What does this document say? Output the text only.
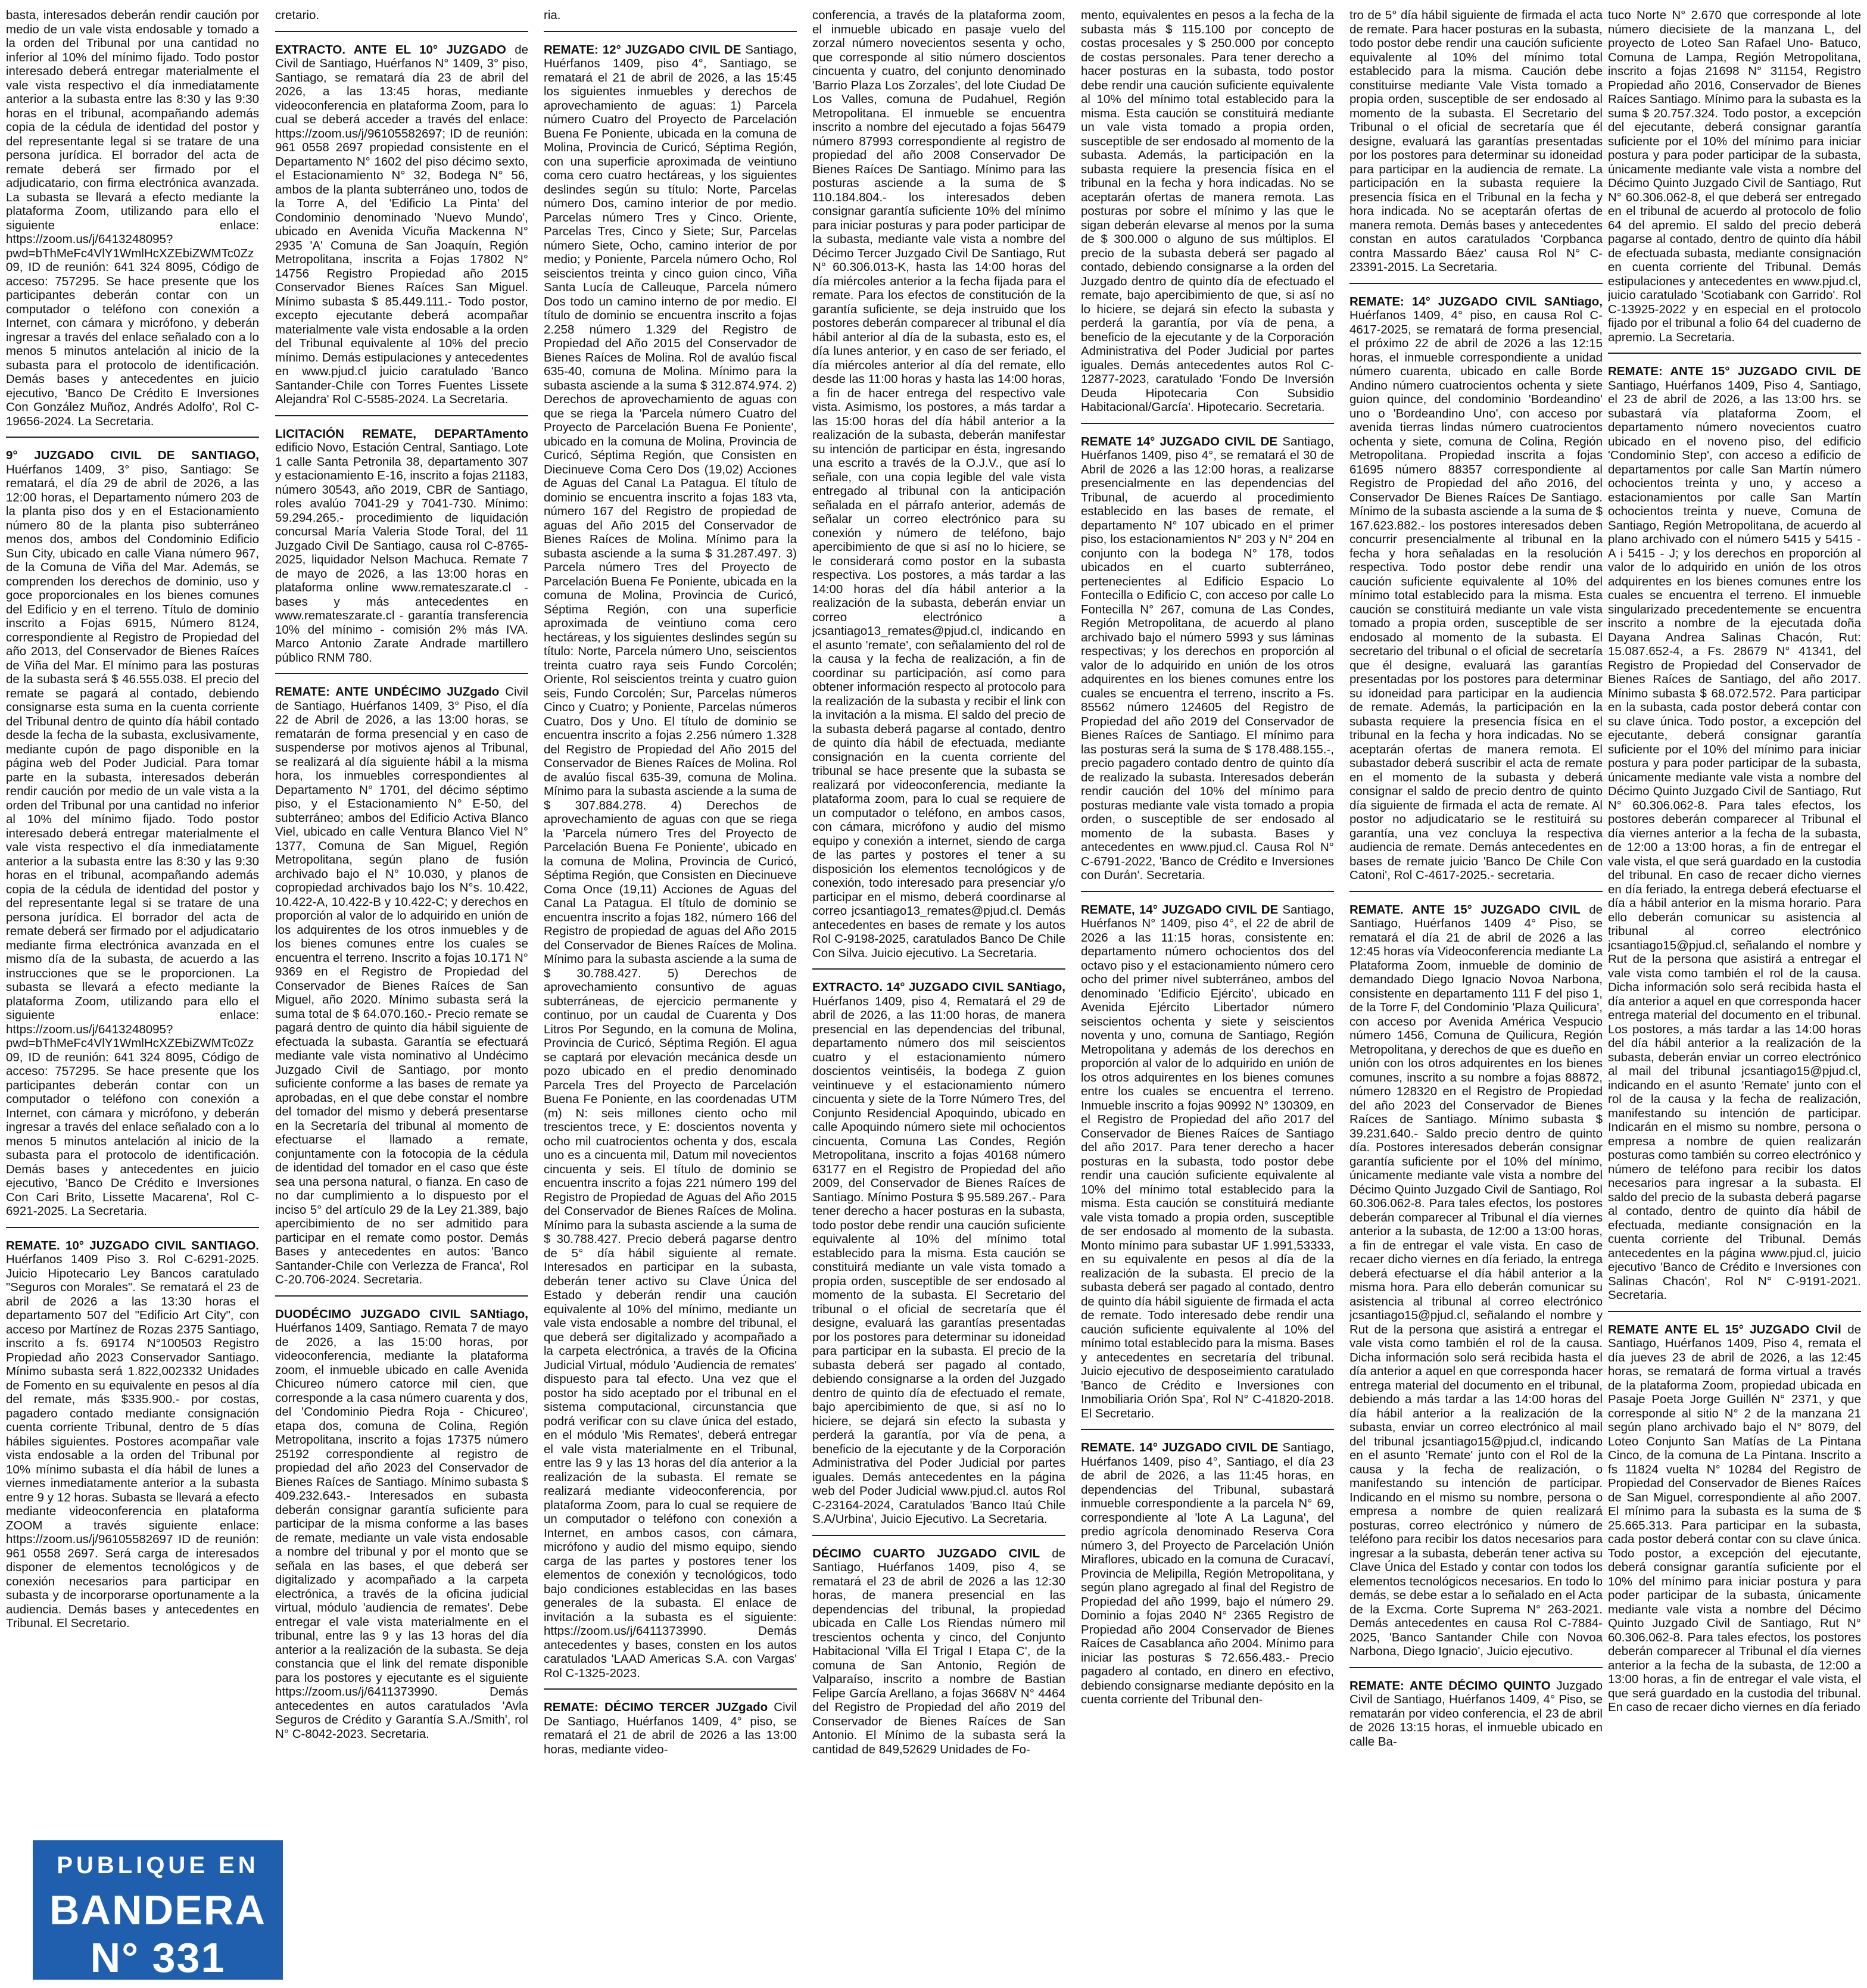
basta, interesados deberán rendir caución por medio de un vale vista endosable y tomado a la orden del Tribunal por una cantidad no inferior al 10% del mínimo fijado. Todo postor interesado deberá entregar materialmente el vale vista respectivo el día inmediatamente anterior a la subasta entre las 8:30 y las 9:30 horas en el tribunal, acompañando además copia de la cédula de identidad del postor y del representante legal si se tratare de una persona jurídica. El borrador del acta de remate deberá ser firmado por el adjudicatario, con firma electrónica avanzada. La subasta se llevará a efecto mediante la plataforma Zoom, utilizando para ello el siguiente enlace: https://zoom.us/j/6413248095?pwd=bThMeFc4VlY1WmlHcXZEbiZWMTc0Zz09, ID de reunión: 641 324 8095, Código de acceso: 757295. Se hace presente que los participantes deberán contar con un computador o teléfono con conexión a Internet, con cámara y micrófono, y deberán ingresar a través del enlace señalado con a lo menos 5 minutos antelación al inicio de la subasta para el protocolo de identificación. Demás bases y antecedentes en juicio ejecutivo, 'Banco De Crédito E Inversiones Con González Muñoz, Andrés Adolfo', Rol C-19656-2024. La Secretaria.

9° JUZGADO CIVIL DE SANTIAGO, Huérfanos 1409, 3° piso, Santiago: Se rematará, el día 29 de abril de 2026, a las 12:00 horas, el Departamento número 203 de la planta piso dos y en el Estacionamiento número 80 de la planta piso subterráneo menos dos, ambos del Condominio Edificio Sun City, ubicado en calle Viana número 967, de la Comuna de Viña del Mar. Además, se comprenden los derechos de dominio, uso y goce proporcionales en los bienes comunes del Edificio y en el terreno. Título de dominio inscrito a Fojas 6915, Número 8124, correspondiente al Registro de Propiedad del año 2013, del Conservador de Bienes Raíces de Viña del Mar. El mínimo para las posturas de la subasta será $ 46.555.038. El precio del remate se pagará al contado, debiendo consignarse esta suma en la cuenta corriente del Tribunal dentro de quinto día hábil contado desde la fecha de la subasta, exclusivamente, mediante cupón de pago disponible en la página web del Poder Judicial. Para tomar parte en la subasta, interesados deberán rendir caución por medio de un vale vista a la orden del Tribunal por una cantidad no inferior al 10% del mínimo fijado. Todo postor interesado deberá entregar materialmente el vale vista respectivo el día inmediatamente anterior a la subasta entre las 8:30 y las 9:30 horas en el tribunal, acompañando además copia de la cédula de identidad del postor y del representante legal si se tratare de una persona jurídica. El borrador del acta de remate deberá ser firmado por el adjudicatario mediante firma electrónica avanzada en el mismo día de la subasta, de acuerdo a las instrucciones que se le proporcionen. La subasta se llevará a efecto mediante la plataforma Zoom, utilizando para ello el siguiente enlace: https://zoom.us/j/6413248095?pwd=bThMeFc4VlY1WmlHcXZEbiZWMTc0Zz09, ID de reunión: 641 324 8095, Código de acceso: 757295. Se hace presente que los participantes deberán contar con un computador o teléfono con conexión a Internet, con cámara y micrófono, y deberán ingresar a través del enlace señalado con a lo menos 5 minutos antelación al inicio de la subasta para el protocolo de identificación. Demás bases y antecedentes en juicio ejecutivo, 'Banco De Crédito e Inversiones Con Cari Brito, Lissette Macarena', Rol C-6921-2025. La Secretaria.

REMATE. 10° JUZGADO CIVIL SANTIAGO. Huérfanos 1409 Piso 3. Rol C-6291-2025. Juicio Hipotecario Ley Bancos caratulado "Seguros con Morales". Se rematará el 23 de abril de 2026 a las 13:30 horas el departamento 507 del "Edificio Art City", con acceso por Martínez de Rozas 2375 Santiago, inscrito a fs. 69174 N°100503 Registro Propiedad año 2023 Conservador Santiago. Mínimo subasta será 1.822,002332 Unidades de Fomento en su equivalente en pesos al día del remate, más $335.900.- por costas, pagadero contado mediante consignación cuenta corriente Tribunal, dentro de 5 días hábiles siguientes. Postores acompañar vale vista endosable a la orden del Tribunal por 10% mínimo subasta el día hábil de lunes a viernes inmediatamente anterior a la subasta entre 9 y 12 horas. Subasta se llevará a efecto mediante videoconferencia en plataforma ZOOM a través siguiente enlace: https://zoom.us/j/96105582697 ID de reunión: 961 0558 2697. Será carga de interesados disponer de elementos tecnológicos y de conexión necesarios para participar en subasta y de incorporarse oportunamente a la audiencia. Demás bases y antecedentes en Tribunal. El Secretario.

cretario.

EXTRACTO. ANTE EL 10° JUZGADO de Civil de Santiago, Huérfanos N° 1409, 3° piso, Santiago, se rematará día 23 de abril del 2026, a las 13:45 horas, mediante videoconferencia en plataforma Zoom, para lo cual se deberá acceder a través del enlace: https://zoom.us/j/96105582697; ID de reunión: 961 0558 2697 propiedad consistente en el Departamento N° 1602 del piso décimo sexto, el Estacionamiento N° 32, Bodega N° 56, ambos de la planta subterráneo uno, todos de la Torre A, del 'Edificio La Pinta' del Condominio denominado 'Nuevo Mundo', ubicado en Avenida Vicuña Mackenna N° 2935 'A' Comuna de San Joaquín, Región Metropolitana, inscrita a Fojas 17802 N° 14756 Registro Propiedad año 2015 Conservador Bienes Raíces San Miguel. Mínimo subasta $ 85.449.111.- Todo postor, excepto ejecutante deberá acompañar materialmente vale vista endosable a la orden del Tribunal equivalente al 10% del precio mínimo. Demás estipulaciones y antecedentes en www.pjud.cl juicio caratulado 'Banco Santander-Chile con Torres Fuentes Lissete Alejandra' Rol C-5585-2024. La Secretaria.

LICITACIÓN REMATE, DEPARTAmento edificio Novo, Estación Central, Santiago. Lote 1 calle Santa Petronila 38, departamento 307 y estacionamiento E-16, inscrito a fojas 21183, número 30543, año 2019, CBR de Santiago, roles avalúo 7041-29 y 7041-730. Mínimo: 59.294.265.- procedimiento de liquidación concursal María Valeria Stode Toral, del 11 Juzgado Civil De Santiago, causa rol C-8765-2025, liquidador Nelson Machuca. Remate 7 de mayo de 2026, a las 13:00 horas en plataforma online www.remateszarate.cl - bases y más antecedentes en www.remateszarate.cl - garantía transferencia 10% del mínimo - comisión 2% más IVA. Marco Antonio Zarate Andrade martillero público RNM 780.

REMATE: ANTE UNDÉCIMO JUZgado Civil de Santiago, Huérfanos 1409, 3° Piso, el día 22 de Abril de 2026, a las 13:00 horas, se rematarán de forma presencial y en caso de suspenderse por motivos ajenos al Tribunal, se realizará al día siguiente hábil a la misma hora, los inmuebles correspondientes al Departamento N° 1701, del décimo séptimo piso, y el Estacionamiento N° E-50, del subterráneo; ambos del Edificio Activa Blanco Viel, ubicado en calle Ventura Blanco Viel N° 1377, Comuna de San Miguel, Región Metropolitana, según plano de fusión archivado bajo el N° 10.030, y planos de copropiedad archivados bajo los N°s. 10.422, 10.422-A, 10.422-B y 10.422-C; y derechos en proporción al valor de lo adquirido en unión de los adquirentes de los otros inmuebles y de los bienes comunes entre los cuales se encuentra el terreno. Inscrito a fojas 10.171 N° 9369 en el Registro de Propiedad del Conservador de Bienes Raíces de San Miguel, año 2020. Mínimo subasta será la suma total de $ 64.070.160.- Precio remate se pagará dentro de quinto día hábil siguiente de efectuada la subasta. Garantía se efectuará mediante vale vista nominativo al Undécimo Juzgado Civil de Santiago, por monto suficiente conforme a las bases de remate ya aprobadas, en el que debe constar el nombre del tomador del mismo y deberá presentarse en la Secretaría del tribunal al momento de efectuarse el llamado a remate, conjuntamente con la fotocopia de la cédula de identidad del tomador en el caso que éste sea una persona natural, o fianza. En caso de no dar cumplimiento a lo dispuesto por el inciso 5° del artículo 29 de la Ley 21.389, bajo apercibimiento de no ser admitido para participar en el remate como postor. Demás Bases y antecedentes en autos: 'Banco Santander-Chile con Verlezza de Franca', Rol C-20.706-2024. Secretaria.

DUODÉCIMO JUZGADO CIVIL SANtiago, Huérfanos 1409, Santiago. Remata 7 de mayo de 2026, a las 15:00 horas, por videoconferencia, mediante la plataforma zoom, el inmueble ubicado en calle Avenida Chicureo número catorce mil cien, que corresponde a la casa número cuarenta y dos, del 'Condominio Piedra Roja - Chicureo', etapa dos, comuna de Colina, Región Metropolitana, inscrito a fojas 17375 número 25192 correspondiente al registro de propiedad del año 2023 del Conservador de Bienes Raíces de Santiago. Mínimo subasta $ 409.232.643.- Interesados en subasta deberán consignar garantía suficiente para participar de la misma conforme a las bases de remate, mediante un vale vista endosable a nombre del tribunal y por el monto que se señala en las bases, el que deberá ser digitalizado y acompañado a la carpeta electrónica, a través de la oficina judicial virtual, módulo 'audiencia de remates'. Debe entregar el vale vista materialmente en el tribunal, entre las 9 y las 13 horas del día anterior a la realización de la subasta. Se deja constancia que el link del remate disponible para los postores y ejecutante es el siguiente https://zoom.us/j/6411373990. Demás antecedentes en autos caratulados 'Avla Seguros de Crédito y Garantía S.A./Smith', rol N° C-8042-2023. Secretaria.

ria.

REMATE: 12° JUZGADO CIVIL DE Santiago, Huérfanos 1409, piso 4°, Santiago, se rematará el 21 de abril de 2026, a las 15:45 los siguientes inmuebles y derechos de aprovechamiento de aguas: 1) Parcela número Cuatro del Proyecto de Parcelación Buena Fe Poniente, ubicada en la comuna de Molina, Provincia de Curicó, Séptima Región, con una superficie aproximada de veintiuno coma cero cuatro hectáreas, y los siguientes deslindes según su título: Norte, Parcelas número Dos, camino interior de por medio. Parcelas número Tres y Cinco. Oriente, Parcelas Tres, Cinco y Siete; Sur, Parcelas número Siete, Ocho, camino interior de por medio; y Poniente, Parcela número Ocho, Rol seiscientos treinta y cinco guion cinco, Viña Santa Lucía de Calleuque, Parcela número Dos todo un camino interno de por medio. El título de dominio se encuentra inscrito a fojas 2.258 número 1.329 del Registro de Propiedad del Año 2015 del Conservador de Bienes Raíces de Molina. Rol de avalúo fiscal 635-40, comuna de Molina. Mínimo para la subasta asciende a la suma $ 312.874.974. 2) Derechos de aprovechamiento de aguas con que se riega la 'Parcela número Cuatro del Proyecto de Parcelación Buena Fe Poniente', ubicado en la comuna de Molina, Provincia de Curicó, Séptima Región, que Consisten en Diecinueve Coma Cero Dos (19,02) Acciones de Aguas del Canal La Patagua. El título de dominio se encuentra inscrito a fojas 183 vta, número 167 del Registro de propiedad de aguas del Año 2015 del Conservador de Bienes Raíces de Molina. Mínimo para la subasta asciende a la suma $ 31.287.497. 3) Parcela número Tres del Proyecto de Parcelación Buena Fe Poniente, ubicada en la comuna de Molina, Provincia de Curicó, Séptima Región, con una superficie aproximada de veintiuno coma cero hectáreas, y los siguientes deslindes según su título: Norte, Parcela número Uno, seiscientos treinta cuatro raya seis Fundo Corcolén; Oriente, Rol seiscientos treinta y cuatro guion seis, Fundo Corcolén; Sur, Parcelas números Cinco y Cuatro; y Poniente, Parcelas números Cuatro, Dos y Uno. El título de dominio se encuentra inscrito a fojas 2.256 número 1.328 del Registro de Propiedad del Año 2015 del Conservador de Bienes Raíces de Molina. Rol de avalúo fiscal 635-39, comuna de Molina. Mínimo para la subasta asciende a la suma de $ 307.884.278. 4) Derechos de aprovechamiento de aguas con que se riega la 'Parcela número Tres del Proyecto de Parcelación Buena Fe Poniente', ubicado en la comuna de Molina, Provincia de Curicó, Séptima Región, que Consisten en Diecinueve Coma Once (19,11) Acciones de Aguas del Canal La Patagua. El título de dominio se encuentra inscrito a fojas 182, número 166 del Registro de propiedad de aguas del Año 2015 del Conservador de Bienes Raíces de Molina. Mínimo para la subasta asciende a la suma de $ 30.788.427. 5) Derechos de aprovechamiento consuntivo de aguas subterráneas, de ejercicio permanente y continuo, por un caudal de Cuarenta y Dos Litros Por Segundo, en la comuna de Molina, Provincia de Curicó, Séptima Región. El agua se captará por elevación mecánica desde un pozo ubicado en el predio denominado Parcela Tres del Proyecto de Parcelación Buena Fe Poniente, en las coordenadas UTM (m) N: seis millones ciento ocho mil trescientos trece, y E: doscientos noventa y ocho mil cuatrocientos ochenta y dos, escala uno es a cincuenta mil, Datum mil novecientos cincuenta y seis. El título de dominio se encuentra inscrito a fojas 221 número 199 del Registro de Propiedad de Aguas del Año 2015 del Conservador de Bienes Raíces de Molina. Mínimo para la subasta asciende a la suma de $ 30.788.427. Precio deberá pagarse dentro de 5° día hábil siguiente al remate. Interesados en participar en la subasta, deberán tener activo su Clave Única del Estado y deberán rendir una caución equivalente al 10% del mínimo, mediante un vale vista endosable a nombre del tribunal, el que deberá ser digitalizado y acompañado a la carpeta electrónica, a través de la Oficina Judicial Virtual, módulo 'Audiencia de remates' dispuesto para tal efecto. Una vez que el postor ha sido aceptado por el tribunal en el sistema computacional, circunstancia que podrá verificar con su clave única del estado, en el módulo 'Mis Remates', deberá entregar el vale vista materialmente en el Tribunal, entre las 9 y las 13 horas del día anterior a la realización de la subasta. El remate se realizará mediante videoconferencia, por plataforma Zoom, para lo cual se requiere de un computador o teléfono con conexión a Internet, en ambos casos, con cámara, micrófono y audio del mismo equipo, siendo carga de las partes y postores tener los elementos de conexión y tecnológicos, todo bajo condiciones establecidas en las bases generales de la subasta. El enlace de invitación a la subasta es el siguiente: https://zoom.us/j/6411373990. Demás antecedentes y bases, consten en los autos caratulados 'LAAD Americas S.A. con Vargas' Rol C-1325-2023.

REMATE: DÉCIMO TERCER JUZgado Civil De Santiago, Huérfanos 1409, 4° piso, se rematará el 21 de abril de 2026 a las 13:00 horas, mediante video-

conferencia, a través de la plataforma zoom, el inmueble ubicado en pasaje vuelo del zorzal número novecientos sesenta y ocho, que corresponde al sitio número doscientos cincuenta y cuatro, del conjunto denominado 'Barrio Plaza Los Zorzales', del lote Ciudad De Los Valles, comuna de Pudahuel, Región Metropolitana. El inmueble se encuentra inscrito a nombre del ejecutado a fojas 56479 número 87993 correspondiente al registro de propiedad del año 2008 Conservador De Bienes Raíces De Santiago. Mínimo para las posturas asciende a la suma de $ 110.184.804.- los interesados deben consignar garantía suficiente 10% del mínimo para iniciar posturas y para poder participar de la subasta, mediante vale vista a nombre del Décimo Tercer Juzgado Civil De Santiago, Rut N° 60.306.013-K, hasta las 14:00 horas del día miércoles anterior a la fecha fijada para el remate. Para los efectos de constitución de la garantía suficiente, se deja instruido que los postores deberán comparecer al tribunal el día hábil anterior al día de la subasta, esto es, el día lunes anterior, y en caso de ser feriado, el día miércoles anterior al día del remate, ello desde las 11:00 horas y hasta las 14:00 horas, a fin de hacer entrega del respectivo vale vista. Asimismo, los postores, a más tardar a las 15:00 horas del día hábil anterior a la realización de la subasta, deberán manifestar su intención de participar en ésta, ingresando una escrito a través de la O.J.V., que así lo señale, con una copia legible del vale vista entregado al tribunal con la anticipación señalada en el párrafo anterior, además de señalar un correo electrónico para su conexión y número de teléfono, bajo apercibimiento de que si así no lo hiciere, se le considerará como postor en la subasta respectiva. Los postores, a más tardar a las 14:00 horas del día hábil anterior a la realización de la subasta, deberán enviar un correo electrónico a jcsantiago13_remates@pjud.cl, indicando en el asunto 'remate', con señalamiento del rol de la causa y la fecha de realización, a fin de coordinar su participación, así como para obtener información respecto al protocolo para la realización de la subasta y recibir el link con la invitación a la misma. El saldo del precio de la subasta deberá pagarse al contado, dentro de quinto día hábil de efectuada, mediante consignación en la cuenta corriente del tribunal se hace presente que la subasta se realizará por videoconferencia, mediante la plataforma zoom, para lo cual se requiere de un computador o teléfono, en ambos casos, con cámara, micrófono y audio del mismo equipo y conexión a internet, siendo de carga de las partes y postores el tener a su disposición los elementos tecnológicos y de conexión, todo interesado para presenciar y/o participar en el mismo, deberá coordinarse al correo jcsantiago13_remates@pjud.cl. Demás antecedentes en bases de remate y los autos Rol C-9198-2025, caratulados Banco De Chile Con Silva. Juicio ejecutivo. La Secretaria.

EXTRACTO. 14° JUZGADO CIVIL SANtiago, Huérfanos 1409, piso 4, Rematará el 29 de abril de 2026, a las 11:00 horas, de manera presencial en las dependencias del tribunal, departamento número dos mil seiscientos cuatro y el estacionamiento número doscientos veintiséis, la bodega Z guion veintinueve y el estacionamiento número cincuenta y siete de la Torre Número Tres, del Conjunto Residencial Apoquindo, ubicado en calle Apoquindo número siete mil ochocientos cincuenta, Comuna Las Condes, Región Metropolitana, inscrito a fojas 40168 número 63177 en el Registro de Propiedad del año 2009, del Conservador de Bienes Raíces de Santiago. Mínimo Postura $ 95.589.267.- Para tener derecho a hacer posturas en la subasta, todo postor debe rendir una caución suficiente equivalente al 10% del mínimo total establecido para la misma. Esta caución se constituirá mediante un vale vista tomado a propia orden, susceptible de ser endosado al momento de la subasta. El Secretario del tribunal o el oficial de secretaría que él designe, evaluará las garantías presentadas por los postores para determinar su idoneidad para participar en la subasta. El precio de la subasta deberá ser pagado al contado, debiendo consignarse a la orden del Juzgado dentro de quinto día de efectuado el remate, bajo apercibimiento de que, si así no lo hiciere, se dejará sin efecto la subasta y perderá la garantía, por vía de pena, a beneficio de la ejecutante y de la Corporación Administrativa del Poder Judicial por partes iguales. Demás antecedentes en la página web del Poder Judicial www.pjud.cl. autos Rol C-23164-2024, Caratulados 'Banco Itaú Chile S.A/Urbina', Juicio Ejecutivo. La Secretaria.

DÉCIMO CUARTO JUZGADO CIVIL de Santiago, Huérfanos 1409, piso 4, se rematará el 23 de abril de 2026 a las 12:30 horas, de manera presencial en las dependencias del tribunal, la propiedad ubicada en Calle Los Riendas número mil trescientos ochenta y cinco, del Conjunto Habitacional 'Villa El Trigal I Etapa C', de la comuna de San Antonio, Región de Valparaíso, inscrito a nombre de Bastian Felipe García Arellano, a fojas 3668V N° 4464 del Registro de Propiedad del año 2019 del Conservador de Bienes Raíces de San Antonio. El Mínimo de la subasta será la cantidad de 849,52629 Unidades de Fo-

mento, equivalentes en pesos a la fecha de la subasta más $ 115.100 por concepto de costas procesales y $ 250.000 por concepto de costas personales. Para tener derecho a hacer posturas en la subasta, todo postor debe rendir una caución suficiente equivalente al 10% del mínimo total establecido para la misma. Esta caución se constituirá mediante un vale vista tomado a propia orden, susceptible de ser endosado al momento de la subasta. Además, la participación en la subasta requiere la presencia física en el tribunal en la fecha y hora indicadas. No se aceptarán ofertas de manera remota. Las posturas por sobre el mínimo y las que le sigan deberán elevarse al menos por la suma de $ 300.000 o alguno de sus múltiplos. El precio de la subasta deberá ser pagado al contado, debiendo consignarse a la orden del Juzgado dentro de quinto día de efectuado el remate, bajo apercibimiento de que, si así no lo hiciere, se dejará sin efecto la subasta y perderá la garantía, por vía de pena, a beneficio de la ejecutante y de la Corporación Administrativa del Poder Judicial por partes iguales. Demás antecedentes autos Rol C-12877-2023, caratulado 'Fondo De Inversión Deuda Hipotecaria Con Subsidio Habitacional/García'. Hipotecario. Secretaria.

REMATE 14° JUZGADO CIVIL DE Santiago, Huérfanos 1409, piso 4°, se rematará el 30 de Abril de 2026 a las 12:00 horas, a realizarse presencialmente en las dependencias del Tribunal, de acuerdo al procedimiento establecido en las bases de remate, el departamento N° 107 ubicado en el primer piso, los estacionamientos N° 203 y N° 204 en conjunto con la bodega N° 178, todos ubicados en el cuarto subterráneo, pertenecientes al Edificio Espacio Lo Fontecilla o Edificio C, con acceso por calle Lo Fontecilla N° 267, comuna de Las Condes, Región Metropolitana, de acuerdo al plano archivado bajo el número 5993 y sus láminas respectivas; y los derechos en proporción al valor de lo adquirido en unión de los otros adquirentes en los bienes comunes entre los cuales se encuentra el terreno, inscrito a Fs. 85562 número 124605 del Registro de Propiedad del año 2019 del Conservador de Bienes Raíces de Santiago. El mínimo para las posturas será la suma de $ 178.488.155.-, precio pagadero contado dentro de quinto día de realizado la subasta. Interesados deberán rendir caución del 10% del mínimo para posturas mediante vale vista tomado a propia orden, o susceptible de ser endosado al momento de la subasta. Bases y antecedentes en www.pjud.cl. Causa Rol N° C-6791-2022, 'Banco de Crédito e Inversiones con Durán'. Secretaria.

REMATE, 14° JUZGADO CIVIL DE Santiago, Huérfanos N° 1409, piso 4°, el 22 de abril de 2026 a las 11:15 horas, consistente en: departamento número ochocientos dos del octavo piso y el estacionamiento número cero ocho del primer nivel subterráneo, ambos del denominado 'Edificio Ejército', ubicado en Avenida Ejército Libertador número seiscientos ochenta y siete y seiscientos noventa y uno, comuna de Santiago, Región Metropolitana y además de los derechos en proporción al valor de lo adquirido en unión de los otros adquirentes en los bienes comunes entre los cuales se encuentra el terreno. Inmueble inscrito a fojas 90992 N° 130309, en el Registro de Propiedad del año 2017 del Conservador de Bienes Raíces de Santiago del año 2017. Para tener derecho a hacer posturas en la subasta, todo postor debe rendir una caución suficiente equivalente al 10% del mínimo total establecido para la misma. Esta caución se constituirá mediante vale vista tomado a propia orden, susceptible de ser endosado al momento de la subasta. Monto mínimo para subastar UF 1.991,53333, en su equivalente en pesos al día de la realización de la subasta. El precio de la subasta deberá ser pagado al contado, dentro de quinto día hábil siguiente de firmada el acta de remate. Todo interesado debe rendir una caución suficiente equivalente al 10% del mínimo total establecido para la misma. Bases y antecedentes en secretaría del tribunal. Juicio ejecutivo de desposeimiento caratulado 'Banco de Crédito e Inversiones con Inmobiliaria Orión Spa', Rol N° C-41820-2018. El Secretario.

REMATE. 14° JUZGADO CIVIL DE Santiago, Huérfanos 1409, piso 4°, Santiago, el día 23 de abril de 2026, a las 11:45 horas, en dependencias del Tribunal, subastará inmueble correspondiente a la parcela N° 69, correspondiente al 'lote A La Laguna', del predio agrícola denominado Reserva Cora número 3, del Proyecto de Parcelación Unión Miraflores, ubicado en la comuna de Curacaví, Provincia de Melipilla, Región Metropolitana, y según plano agregado al final del Registro de Propiedad del año 1999, bajo el número 29. Dominio a fojas 2040 N° 2365 Registro de Propiedad año 2004 Conservador de Bienes Raíces de Casablanca año 2004. Mínimo para iniciar las posturas $ 72.656.483.- Precio pagadero al contado, en dinero en efectivo, debiendo consignarse mediante depósito en la cuenta corriente del Tribunal den-

tro de 5° día hábil siguiente de firmada el acta de remate. Para hacer posturas en la subasta, todo postor debe rendir una caución suficiente equivalente al 10% del mínimo total establecido para la misma. Caución debe constituirse mediante Vale Vista tomado a propia orden, susceptible de ser endosado al momento de la subasta. El Secretario del Tribunal o el oficial de secretaría que él designe, evaluará las garantías presentadas por los postores para determinar su idoneidad para participar en la audiencia de remate. La participación en la subasta requiere la presencia física en el Tribunal en la fecha y hora indicada. No se aceptarán ofertas de manera remota. Demás bases y antecedentes constan en autos caratulados 'Corpbanca contra Massardo Báez' causa Rol N° C-23391-2015. La Secretaria.

REMATE: 14° JUZGADO CIVIL SANtiago, Huérfanos 1409, 4° piso, en causa Rol C-4617-2025, se rematará de forma presencial, el próximo 22 de abril de 2026 a las 12:15 horas, el inmueble correspondiente a unidad número cuarenta, ubicado en calle Borde Andino número cuatrocientos ochenta y siete guion quince, del condominio 'Bordeandino' uno o 'Bordeandino Uno', con acceso por avenida tierras lindas número cuatrocientos ochenta y siete, comuna de Colina, Región Metropolitana. Propiedad inscrita a fojas 61695 número 88357 correspondiente al Registro de Propiedad del año 2016, del Conservador De Bienes Raíces De Santiago. Mínimo de la subasta asciende a la suma de $ 167.623.882.- los postores interesados deben concurrir presencialmente al tribunal en la fecha y hora señaladas en la resolución respectiva. Todo postor debe rendir una caución suficiente equivalente al 10% del mínimo total establecido para la misma. Esta caución se constituirá mediante un vale vista tomado a propia orden, susceptible de ser endosado al momento de la subasta. El secretario del tribunal o el oficial de secretaría que él designe, evaluará las garantías presentadas por los postores para determinar su idoneidad para participar en la audiencia de remate. Además, la participación en la subasta requiere la presencia física en el tribunal en la fecha y hora indicadas. No se aceptarán ofertas de manera remota. El subastador deberá suscribir el acta de remate en el momento de la subasta y deberá consignar el saldo de precio dentro de quinto día siguiente de firmada el acta de remate. Al postor no adjudicatario se le restituirá su garantía, una vez concluya la respectiva audiencia de remate. Demás antecedentes en bases de remate juicio 'Banco De Chile Con Catoni', Rol C-4617-2025.- secretaria.

REMATE. ANTE 15° JUZGADO CIVIL de Santiago, Huérfanos 1409 4° Piso, se rematará el día 21 de abril de 2026 a las 12:45 horas vía Videoconferencia mediante La Plataforma Zoom, inmueble de dominio de demandado Diego Ignacio Novoa Narbona, consistente en departamento 111 F del piso 1, de la Torre F, del Condominio 'Plaza Quilicura', con acceso por Avenida América Vespucio número 1456, Comuna de Quilicura, Región Metropolitana, y derechos de que es dueño en unión con los otros adquirentes en los bienes comunes, inscrito a su nombre a fojas 88872, número 128320 en el Registro de Propiedad del año 2023 del Conservador de Bienes Raíces de Santiago. Mínimo subasta $ 39.231.640.- Saldo precio dentro de quinto día. Postores interesados deberán consignar garantía suficiente por el 10% del mínimo, únicamente mediante vale vista a nombre del Décimo Quinto Juzgado Civil de Santiago, Rol 60.306.062-8. Para tales efectos, los postores deberán comparecer al Tribunal el día viernes anterior a la subasta, de 12:00 a 13:00 horas, a fin de entregar el vale vista. En caso de recaer dicho viernes en día feriado, la entrega deberá efectuarse el día hábil anterior a la misma hora. Para ello deberán comunicar su asistencia al tribunal al correo electrónico jcsantiago15@pjud.cl, señalando el nombre y Rut de la persona que asistirá a entregar el vale vista como también el rol de la causa. Dicha información solo será recibida hasta el día anterior a aquel en que corresponda hacer entrega material del documento en el tribunal, debiendo a más tardar a las 14:00 horas del día hábil anterior a la realización de la subasta, enviar un correo electrónico al mail del tribunal jcsantiago15@pjud.cl, indicando en el asunto 'Remate' junto con el Rol de la causa y la fecha de realización, o manifestando su intención de participar. Indicando en el mismo su nombre, persona o empresa a nombre de quien realizará posturas, correo electrónico y número de teléfono para recibir los datos necesarios para ingresar a la subasta, deberán tener activa su Clave Única del Estado y contar con todos los elementos tecnológicos necesarios. En todo lo demás, se debe estar a lo señalado en el Acta de la Excma. Corte Suprema N° 263-2021. Demás antecedentes en causa Rol C-7884-2025, 'Banco Santander Chile con Novoa Narbona, Diego Ignacio', Juicio ejecutivo.

REMATE: ANTE DÉCIMO QUINTO Juzgado Civil de Santiago, Huérfanos 1409, 4° Piso, se rematarán por video conferencia, el 23 de abril de 2026 13:15 horas, el inmueble ubicado en calle Ba-

tuco Norte N° 2.670 que corresponde al lote número diecisiete de la manzana L, del proyecto de Loteo San Rafael Uno- Batuco, Comuna de Lampa, Región Metropolitana, inscrito a fojas 21698 N° 31154, Registro Propiedad año 2016, Conservador de Bienes Raíces Santiago. Mínimo para la subasta es la suma $ 20.757.324. Todo postor, a excepción del ejecutante, deberá consignar garantía suficiente por el 10% del mínimo para iniciar postura y para poder participar de la subasta, únicamente mediante vale vista a nombre del Décimo Quinto Juzgado Civil de Santiago, Rut N° 60.306.062-8, el que deberá ser entregado en el tribunal de acuerdo al protocolo de folio 64 del apremio. El saldo del precio deberá pagarse al contado, dentro de quinto día hábil de efectuada subasta, mediante consignación en cuenta corriente del Tribunal. Demás estipulaciones y antecedentes en www.pjud.cl, juicio caratulado 'Scotiabank con Garrido'. Rol C-13925-2022 y en especial en el protocolo fijado por el tribunal a folio 64 del cuaderno de apremio. La Secretaria.

REMATE: ANTE 15° JUZGADO CIVIL DE Santiago, Huérfanos 1409, Piso 4, Santiago, el 23 de abril de 2026, a las 13:00 hrs. se subastará vía plataforma Zoom, el departamento número novecientos cuatro ubicado en el noveno piso, del edificio 'Condominio Step', con acceso a edificio de departamentos por calle San Martín número ochocientos treinta y uno, y acceso a estacionamientos por calle San Martín ochocientos treinta y nueve, Comuna de Santiago, Región Metropolitana, de acuerdo al plano archivado con el número 5415 y 5415 - A i 5415 - J; y los derechos en proporción al valor de lo adquirido en unión de los otros adquirentes en los bienes comunes entre los cuales se encuentra el terreno. El inmueble singularizado precedentemente se encuentra inscrito a nombre de la ejecutada doña Dayana Andrea Salinas Chacón, Rut: 15.087.652-4, a Fs. 28679 N° 41341, del Registro de Propiedad del Conservador de Bienes Raíces de Santiago, del año 2017. Mínimo subasta $ 68.072.572. Para participar en la subasta, cada postor deberá contar con su clave única. Todo postor, a excepción del ejecutante, deberá consignar garantía suficiente por el 10% del mínimo para iniciar postura y para poder participar de la subasta, únicamente mediante vale vista a nombre del Décimo Quinto Juzgado Civil de Santiago, Rut N° 60.306.062-8. Para tales efectos, los postores deberán comparecer al Tribunal el día viernes anterior a la fecha de la subasta, de 12:00 a 13:00 horas, a fin de entregar el vale vista, el que será guardado en la custodia del tribunal. En caso de recaer dicho viernes en día feriado, la entrega deberá efectuarse el día a hábil anterior en la misma horario. Para ello deberán comunicar su asistencia al tribunal al correo electrónico jcsantiago15@pjud.cl, señalando el nombre y Rut de la persona que asistirá a entregar el vale vista como también el rol de la causa. Dicha información solo será recibida hasta el día anterior a aquel en que corresponda hacer entrega material del documento en el tribunal. Los postores, a más tardar a las 14:00 horas del día hábil anterior a la realización de la subasta, deberán enviar un correo electrónico al mail del tribunal jcsantiago15@pjud.cl, indicando en el asunto 'Remate' junto con el rol de la causa y la fecha de realización, manifestando su intención de participar. Indicarán en el mismo su nombre, persona o empresa a nombre de quien realizarán posturas como también su correo electrónico y número de teléfono para recibir los datos necesarios para ingresar a la subasta. El saldo del precio de la subasta deberá pagarse al contado, dentro de quinto día hábil de efectuada, mediante consignación en la cuenta corriente del Tribunal. Demás antecedentes en la página www.pjud.cl, juicio ejecutivo 'Banco de Crédito e Inversiones con Salinas Chacón', Rol N° C-9191-2021. Secretaria.

REMATE ANTE EL 15° JUZGADO CIvil de Santiago, Huérfanos 1409, Piso 4, remata el día jueves 23 de abril de 2026, a las 12:45 horas, se rematará de forma virtual a través de la plataforma Zoom, propiedad ubicada en Pasaje Poeta Jorge Guillén N° 2371, y que corresponde al sitio N° 2 de la manzana 21 según plano archivado bajo el N° 8079, del Loteo Conjunto San Matías de La Pintana Cinco, de la comuna de La Pintana. Inscrito a fs 11824 vuelta N° 10284 del Registro de Propiedad del Conservador de Bienes Raíces de San Miguel, correspondiente al año 2007. El mínimo para la subasta es la suma de $ 25.665.313. Para participar en la subasta, cada postor deberá contar con su clave única. Todo postor, a excepción del ejecutante, deberá consignar garantía suficiente por el 10% del mínimo para iniciar postura y para poder participar de la subasta, únicamente mediante vale vista a nombre del Décimo Quinto Juzgado Civil de Santiago, Rut N° 60.306.062-8. Para tales efectos, los postores deberán comparecer al Tribunal el día viernes anterior a la fecha de la subasta, de 12:00 a 13:00 horas, a fin de entregar el vale vista, el que será guardado en la custodia del tribunal. En caso de recaer dicho viernes en día feriado

PUBLIQUE EN
BANDERA N° 331
